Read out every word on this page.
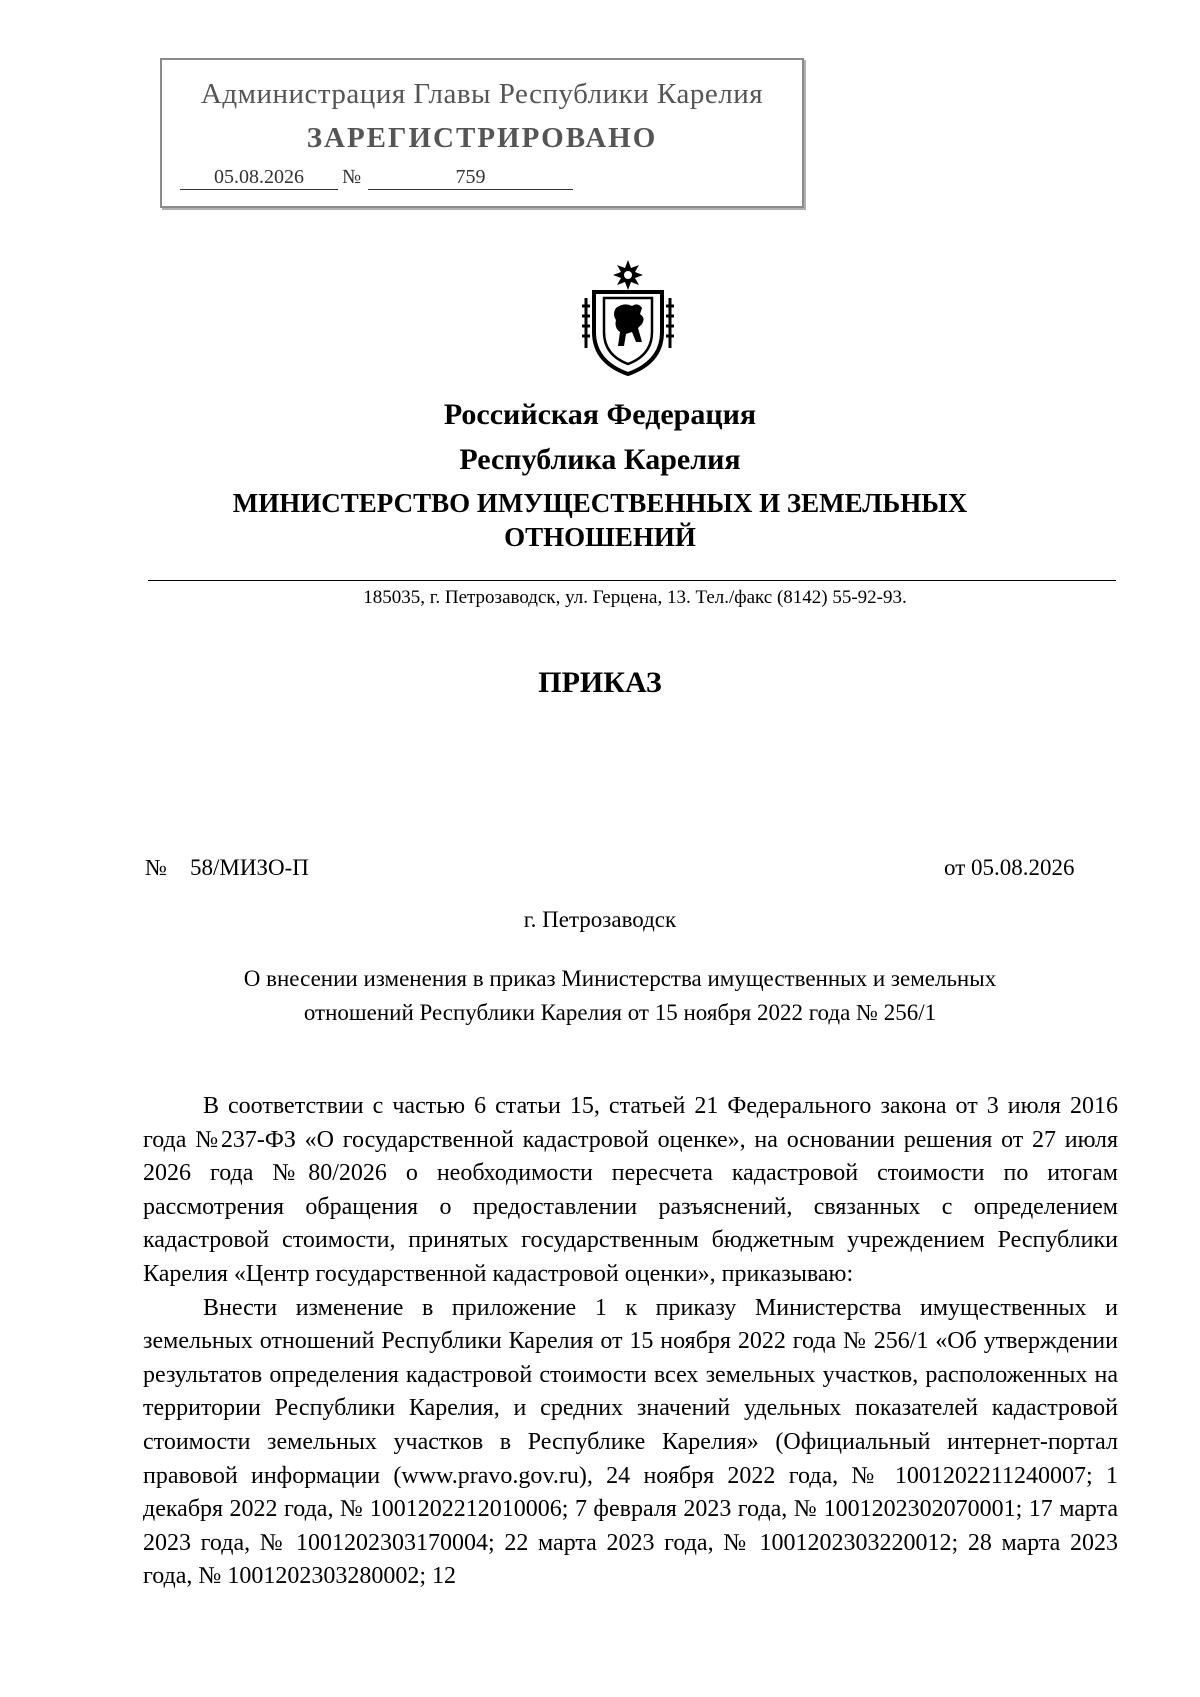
Администрация Главы Республики Карелия
ЗАРЕГИСТРИРОВАНО
05.08.2026	№	759
Российская Федерация
Республика Карелия
МИНИСТЕРСТВО ИМУЩЕСТВЕННЫХ И ЗЕМЕЛЬНЫХ
ОТНОШЕНИЙ
185035, г. Петрозаводск, ул. Герцена, 13. Тел./факс (8142) 55-92-93.
ПРИКАЗ
№ 58/МИЗО-П	от 05.08.2026
г. Петрозаводск
О внесении изменения в приказ Министерства имущественных и земельных
отношений Республики Карелия от 15 ноября 2022 года № 256/1

В соответствии с частью 6 статьи 15, статьей 21 Федерального закона от 3 июля 2016 года №237-ФЗ «О государственной кадастровой оценке», на основании решения от 27 июля 2026 года №80/2026 о необходимости пересчета кадастровой стоимости по итогам рассмотрения обращения о предоставлении разъяснений, связанных с определением кадастровой стоимости, принятых государственным бюджетным учреждением Республики Карелия «Центр государственной кадастровой оценки», приказываю:

Внести изменение в приложение 1 к приказу Министерства имущественных и земельных отношений Республики Карелия от 15 ноября 2022 года № 256/1 «Об утверждении результатов определения кадастровой стоимости всех земельных участков, расположенных на территории Республики Карелия, и средних значений удельных показателей кадастровой стоимости земельных участков в Республике Карелия» (Официальный интернет-портал правовой информации (www.pravo.gov.ru), 24 ноября 2022 года, № 1001202211240007; 1 декабря 2022 года, № 1001202212010006; 7 февраля 2023 года, № 1001202302070001; 17 марта 2023 года, № 1001202303170004; 22 марта 2023 года, № 1001202303220012; 28 марта 2023 года, № 1001202303280002; 12
